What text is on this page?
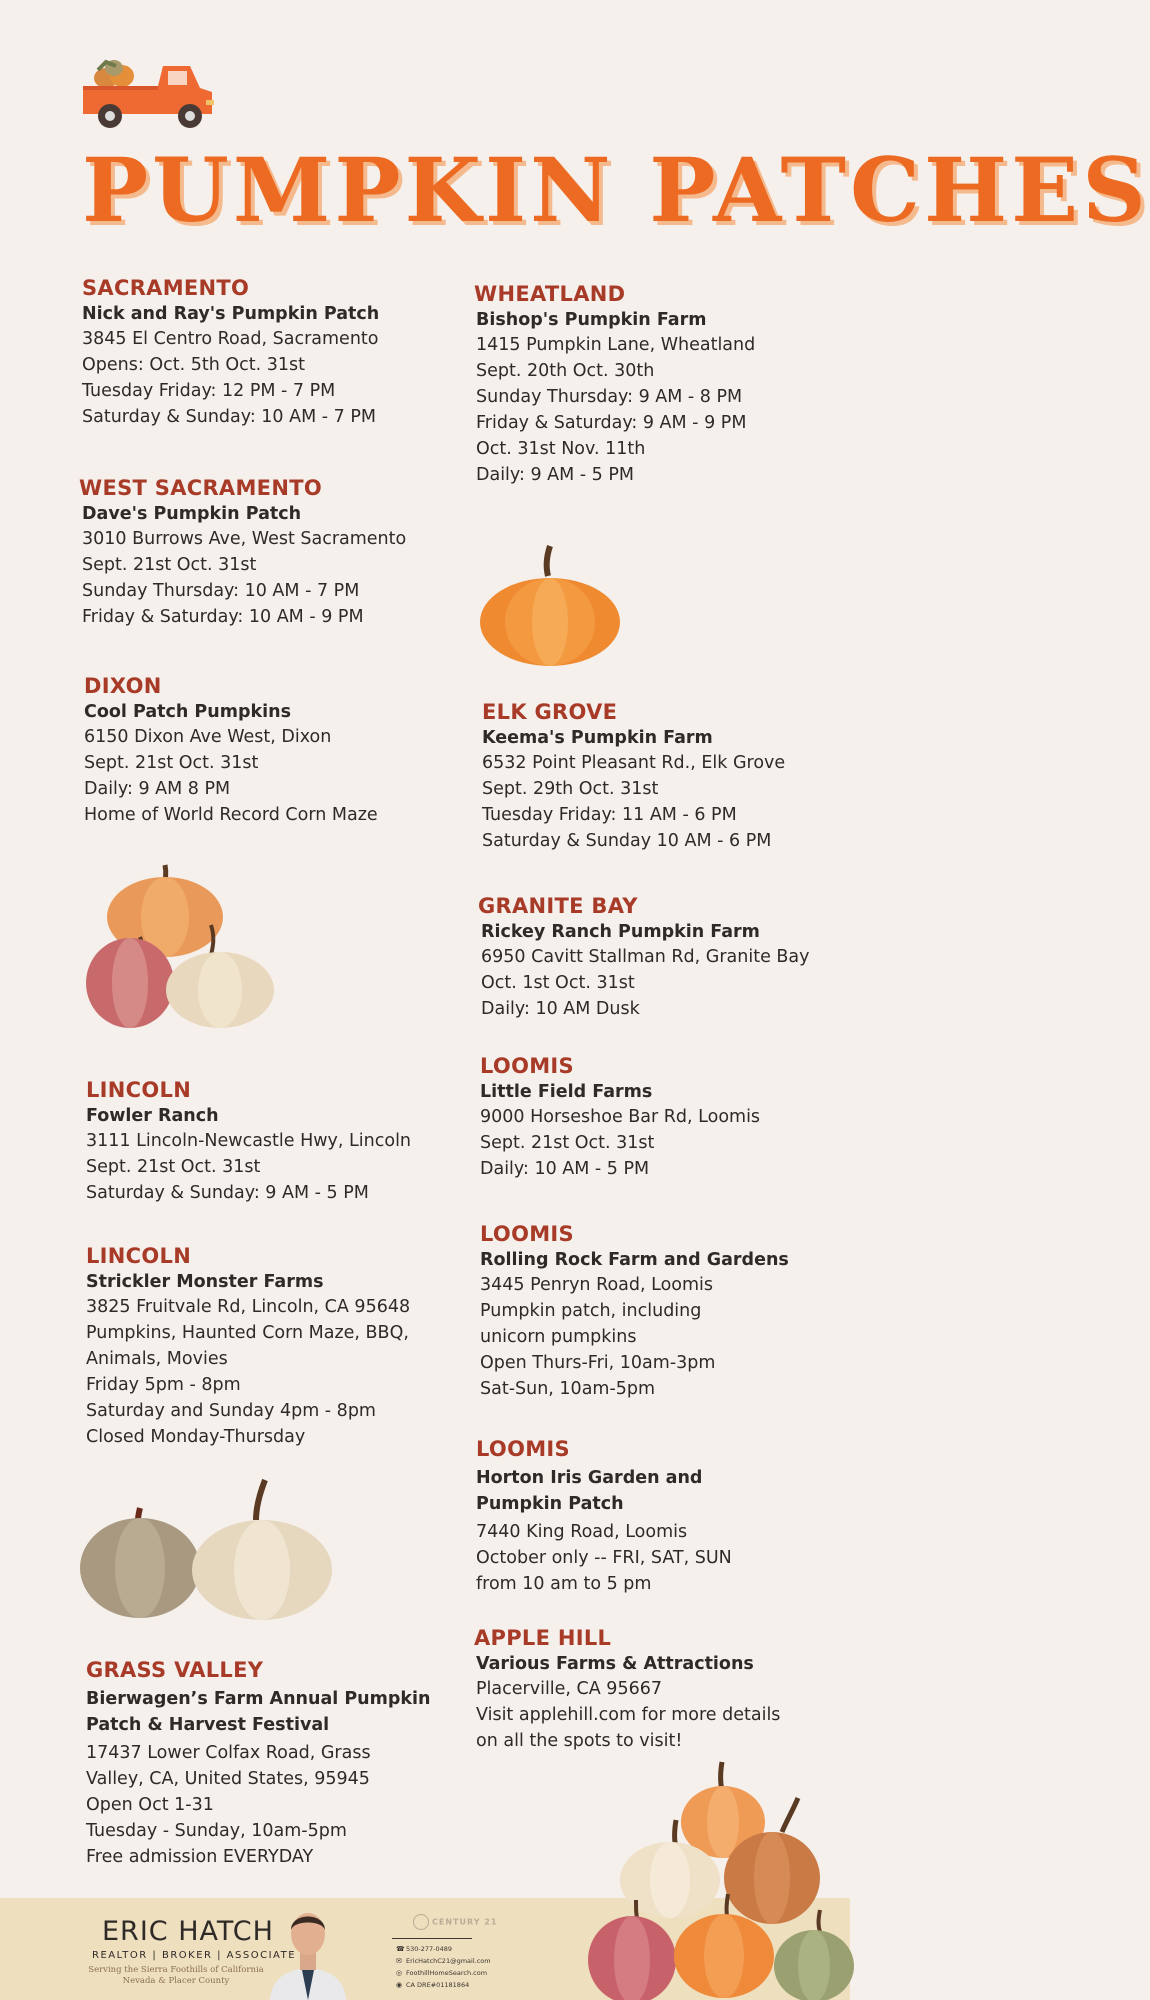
PUMPKIN PATCHES
SACRAMENTO
Nick and Ray's Pumpkin Patch
3845 El Centro Road, Sacramento
Opens: Oct. 5th Oct. 31st
Tuesday Friday: 12 PM - 7 PM
Saturday & Sunday: 10 AM - 7 PM
WEST SACRAMENTO
Dave's Pumpkin Patch
3010 Burrows Ave, West Sacramento
Sept. 21st Oct. 31st
Sunday Thursday: 10 AM - 7 PM
Friday & Saturday: 10 AM - 9 PM
DIXON
Cool Patch Pumpkins
6150 Dixon Ave West, Dixon
Sept. 21st Oct. 31st
Daily: 9 AM 8 PM
Home of World Record Corn Maze
LINCOLN
Fowler Ranch
3111 Lincoln-Newcastle Hwy, Lincoln
Sept. 21st Oct. 31st
Saturday & Sunday: 9 AM - 5 PM
LINCOLN
Strickler Monster Farms
3825 Fruitvale Rd, Lincoln, CA 95648
Pumpkins, Haunted Corn Maze, BBQ,
Animals, Movies
Friday 5pm - 8pm
Saturday and Sunday 4pm - 8pm
Closed Monday-Thursday
GRASS VALLEY
Bierwagen’s Farm Annual Pumpkin Patch & Harvest Festival
17437 Lower Colfax Road, Grass
Valley, CA, United States, 95945
Open Oct 1-31
Tuesday - Sunday, 10am-5pm
Free admission EVERYDAY
WHEATLAND
Bishop's Pumpkin Farm
1415 Pumpkin Lane, Wheatland
Sept. 20th Oct. 30th
Sunday Thursday: 9 AM - 8 PM
Friday & Saturday: 9 AM - 9 PM
Oct. 31st Nov. 11th
Daily: 9 AM - 5 PM
ELK GROVE
Keema's Pumpkin Farm
6532 Point Pleasant Rd., Elk Grove
Sept. 29th Oct. 31st
Tuesday Friday: 11 AM - 6 PM
Saturday & Sunday 10 AM - 6 PM
GRANITE BAY
Rickey Ranch Pumpkin Farm
6950 Cavitt Stallman Rd, Granite Bay
Oct. 1st Oct. 31st
Daily: 10 AM Dusk
LOOMIS
Little Field Farms
9000 Horseshoe Bar Rd, Loomis
Sept. 21st Oct. 31st
Daily: 10 AM - 5 PM
LOOMIS
Rolling Rock Farm and Gardens
3445 Penryn Road, Loomis
Pumpkin patch, including
unicorn pumpkins
Open Thurs-Fri, 10am-3pm
Sat-Sun, 10am-5pm
LOOMIS
Horton Iris Garden and Pumpkin Patch
7440 King Road, Loomis
October only -- FRI, SAT, SUN
from 10 am to 5 pm
APPLE HILL
Various Farms & Attractions
Placerville, CA 95667
Visit applehill.com for more details
on all the spots to visit!
ERIC HATCH
REALTOR | BROKER | ASSOCIATE
Serving the Sierra Foothills of California
Nevada & Placer County
CENTURY 21
☎530-277-0489
✉ EricHatchC21@gmail.com
◎ FoothillHomeSearch.com
◉ CA DRE#01181864
